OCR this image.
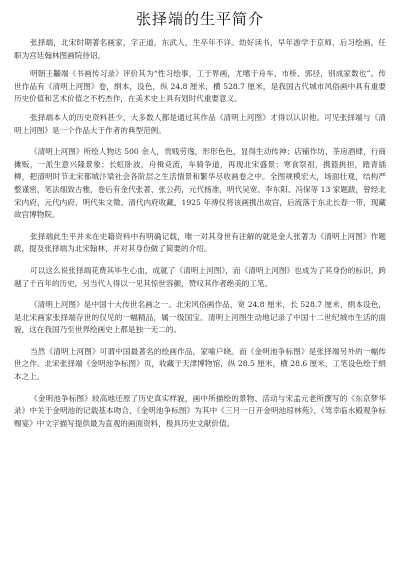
张择端的生平简介

张择端，北宋时期著名画家，字正道，东武人，生卒年不详。幼好读书，早年游学于京师，后习绘画，任职为宫廷翰林图画院待诏。

明朝王黼端《书画传习录》评价其为“性习绘事，工于界画，尤嗜于舟车、市桥、郭径，别成家数也”。传世作品有《清明上河图》卷，绢本，设色，纵 24.8 厘米，横 528.7 厘米，是我国古代城市风俗画中具有重要历史价值和艺术价值之不朽杰作，在美术史上具有划时代重要意义。

张择端本人的历史资料甚少，大多数人都是通过其作品《清明上河图》才得以认识他。可见张择端与《清明上河图》是一个作品大于作者的典型范例。

《清明上河图》所绘人物达 500 余人，贵贱劳逸，形形色色，显得生动传神；店铺作坊、茶房酒肆，行商摊贩，一派生意兴隆景象；长虹卧波，舟楫竞流，车骑争道，再现北宋盛景；寒食祭祖，携篮挑担，踏青插柳，把清明时节北宋都城汴梁社会各阶层之生活情景和繁华尽收画卷之中。全图规模宏大，场面壮观，结构严整谨密，笔法细致古雅，卷后有金代张著、张公药，元代杨准，明代吴宽、李东阳、冯保等 13 家题跋，曾经北宋内府、元代内府、明代朱文徵、清代内府收藏，1925 年溥仪将该画携出故宫，后流落于东北长春一带，现藏故宫博物院。

张择端此生平并未在史籍资料中有明确记载，唯一对其身世有注解的就是金人张著为《清明上河图》作题跋，提及张择端为北宋翰林，并对其身份做了简要的介绍。

可以这么说张择端花费其毕生心血，成就了《清明上河图》，而《清明上河图》也成为了其身份的标识，跨越了千百年的历史，另当代人得以一见其惊世容颜，赞叹其作者绝美的工笔。

《清明上河图》是中国十大传世名画之一。北宋风俗画作品，宽 24.8 厘米，长 528.7 厘米，绢本设色，是北宋画家张择端存世的仅见的一幅精品，属一级国宝。清明上河图生动地记录了中国十二世纪城市生活的面貌，这在我国乃至世界绘画史上都是独一无二的。

当然《清明上河图》可谓中国最著名的绘画作品，家喻户晓。而《金明池争标图》是张择端另外的一幅传世之作。北宋张择端《金明池争标图》页，收藏于天津博物馆，纵 28.5 厘米，横 28.6 厘米，工笔设色绘于绢本之上。

《金明池争标图》较高地还原了历史真实样貌，画中所描绘的景物、活动与宋孟元老所撰写的《东京梦华录》中关于金明池的记载基本吻合，《金明池争标图》为其中《三月一日开金明池琼林苑》、《驾幸临水殿观争标赐宴》中文字描写提供最为直观的画面资料，极具历史文献价值。
